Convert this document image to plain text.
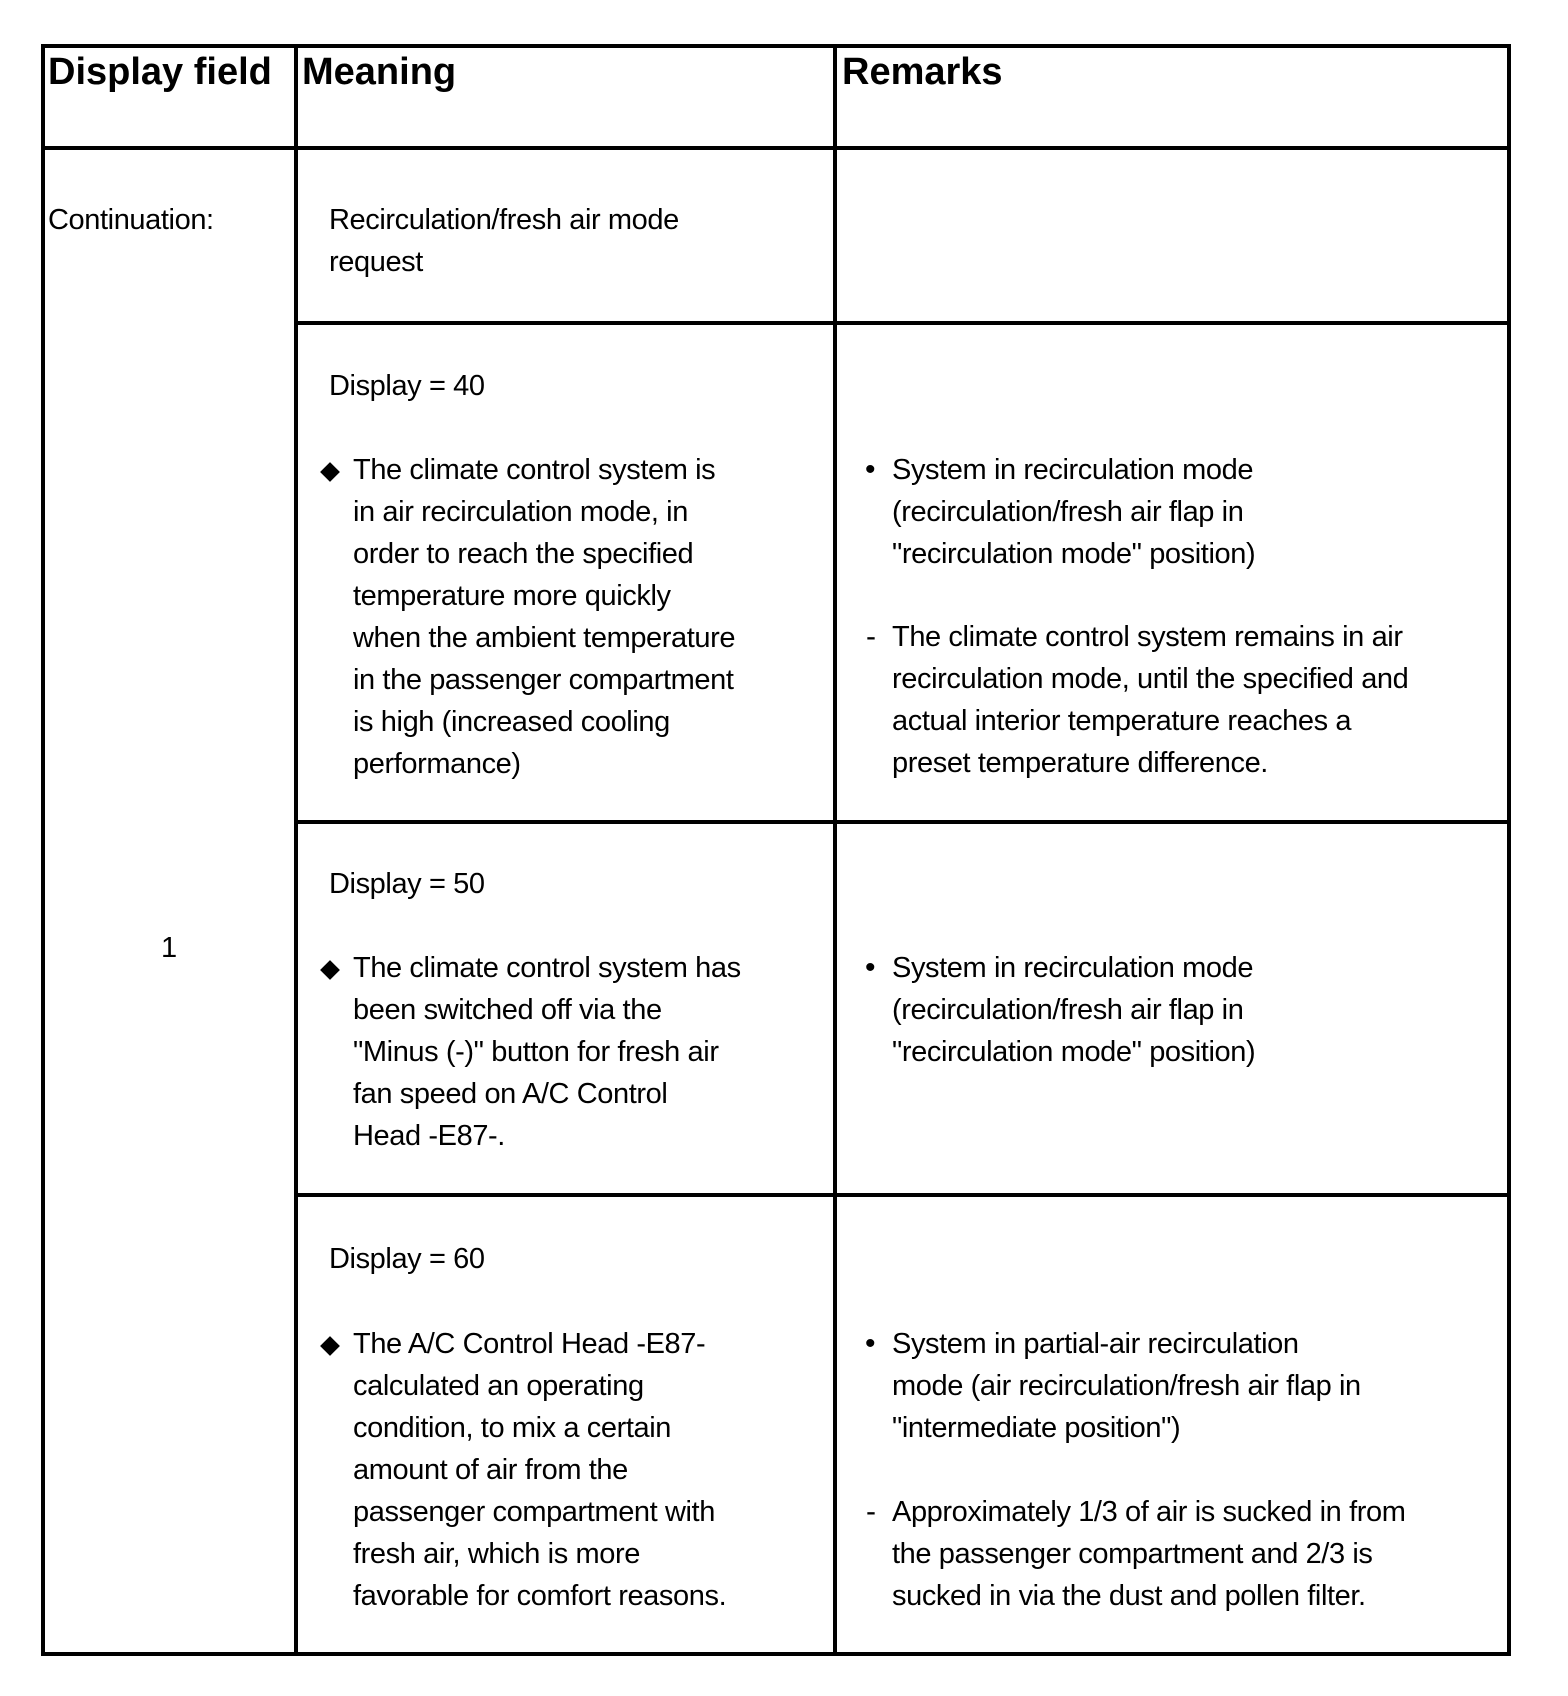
Display field Meaning	Remarks
Continuation:
1
Recirculation/fresh air mode
request
Display = 40
The climate control system is
in air recirculation mode, in
order to reach the specified
temperature more quickly
when the ambient temperature
in the passenger compartment
is high (increased cooling
performance)
• System in recirculation mode
(recirculation/fresh air flap in
"recirculation mode" position)
- The climate control system remains in air
recirculation mode, until the specified and
actual interior temperature reaches a
preset temperature difference.
Display = 50
The climate control system has
been switched off via the
"Minus (-)" button for fresh air
fan speed on A/C Control
Head -E87-.
• System in recirculation mode
(recirculation/fresh air flap in
"recirculation mode" position)
Display = 60
The A/C Control Head -E87-
calculated an operating
condition, to mix a certain
amount of air from the
passenger compartment with
fresh air, which is more
favorable for comfort reasons.
• System in partial-air recirculation
mode (air recirculation/fresh air flap in
"intermediate position")
- Approximately 1/3 of air is sucked in from
the passenger compartment and 2/3 is
sucked in via the dust and pollen filter.
